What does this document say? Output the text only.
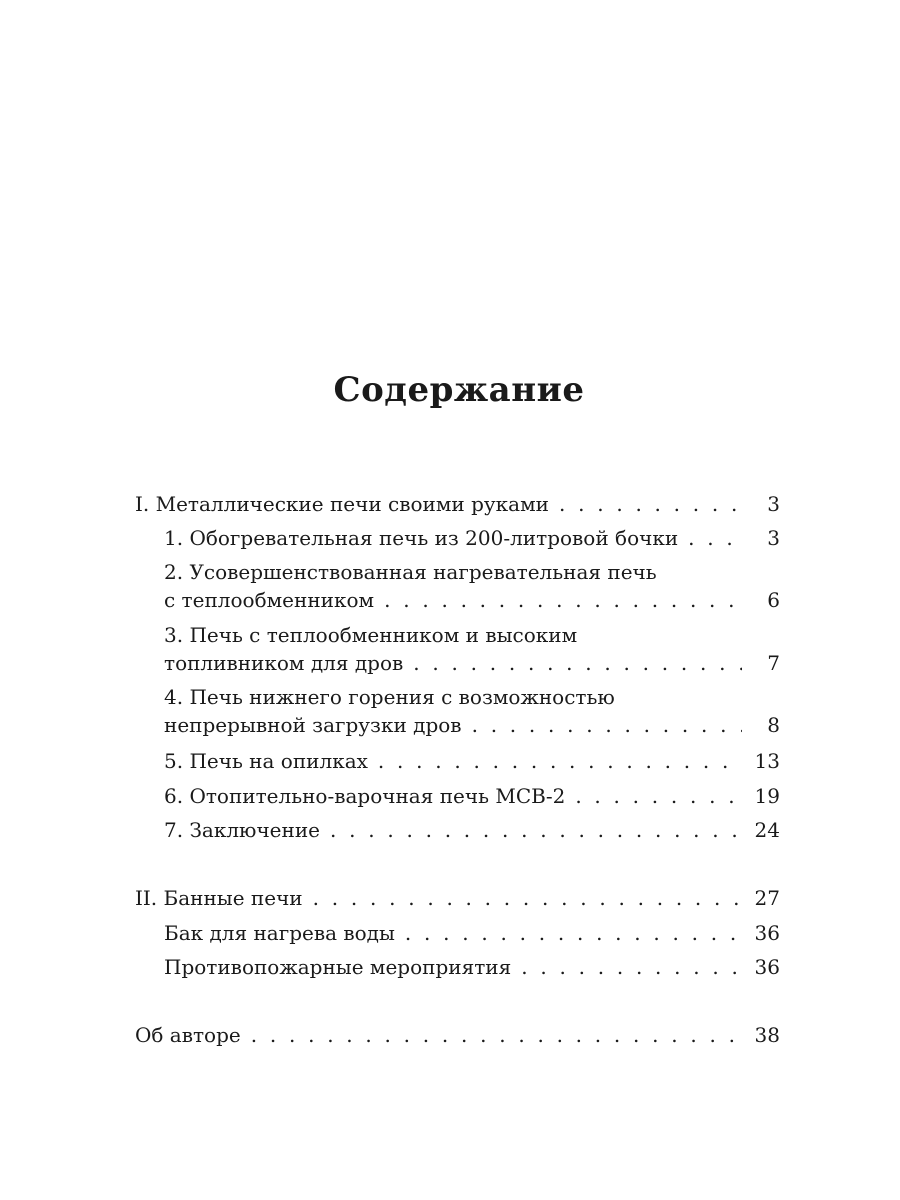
Содержание
I. Металлические печи своими руками . . .	3
1. Обогревательная печь из 200-литровой бочки . . .	3
2. Усовершенствованная нагревательная печь
с теплообменником . . .	6
3. Печь с теплообменником и высоким
топливником для дров . . .	7
4. Печь нижнего горения с возможностью
непрерывной загрузки дров . . .	8
5. Печь на опилках . . .	13
6. Отопительно-варочная печь МСВ-2 . . .	19
7. Заключение . . .	24
II. Банные печи . . .	27
Бак для нагрева воды . . .	36
Противопожарные мероприятия . . .	36
Об авторе . . .	38
